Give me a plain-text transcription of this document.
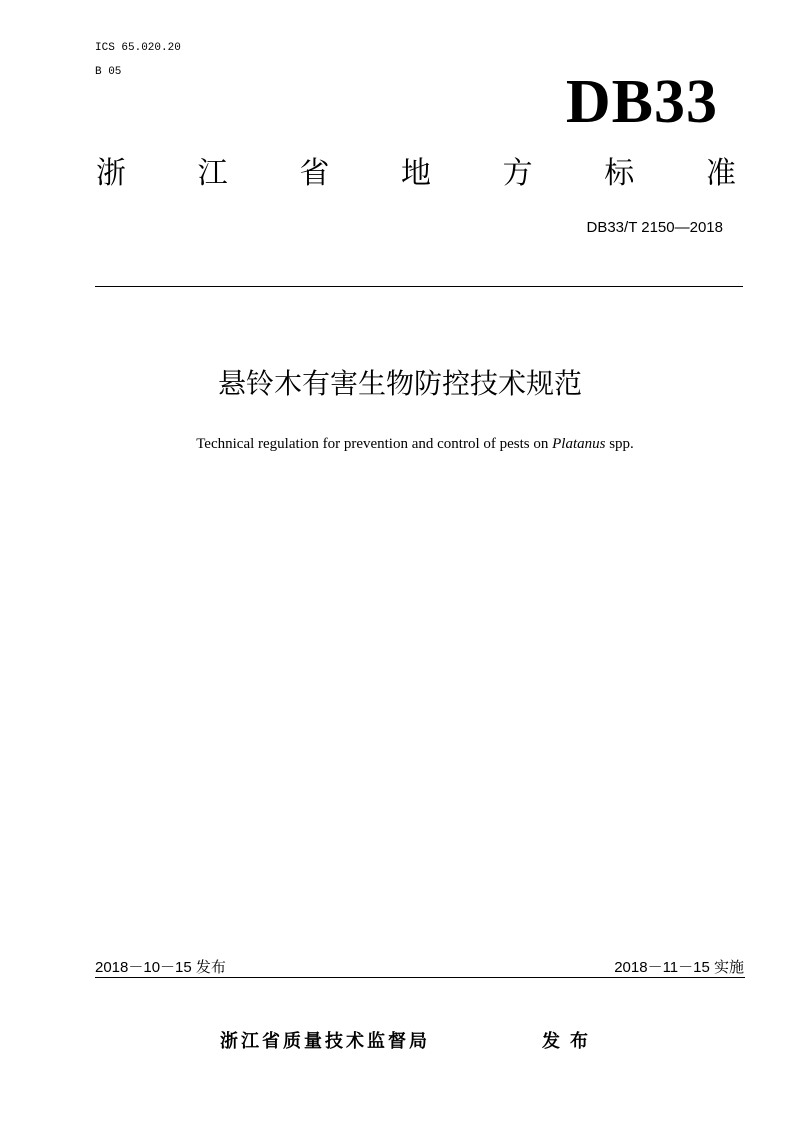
ICS 65.020.20
B 05	DB33
浙 江 省 地 方 标 准
DB33/T 2150—2018
悬铃木有害生物防控技术规范
Technical regulation for prevention and control of pests on Platanus spp.
2018－10－15 发布	2018－11－15 实施
浙江省质量技术监督局	发布
